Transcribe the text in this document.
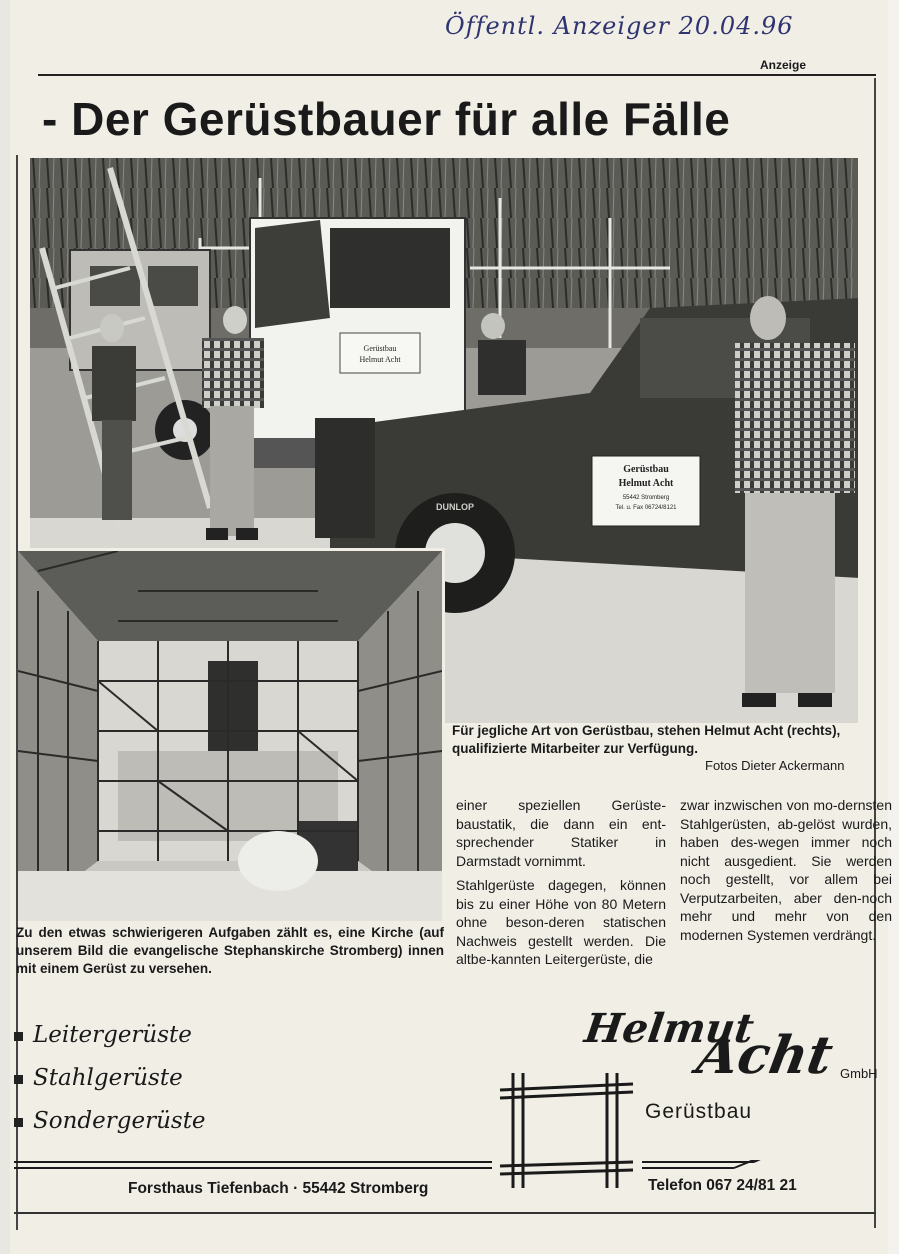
Öffentl. Anzeiger 20.04.96
Anzeige
- Der Gerüstbauer für alle Fälle
Gerüstbau
Helmut Acht
Gerüstbau
Helmut Acht
55442 Stromberg
Tel. u. Fax 06724/8121
DUNLOP
Für jegliche Art von Gerüstbau, stehen Helmut Acht (rechts), qualifizierte Mitarbeiter zur Verfügung.
Fotos Dieter Ackermann
Zu den etwas schwierigeren Aufgaben zählt es, eine Kirche (auf unserem Bild die evangelische Stephanskirche Stromberg) innen mit einem Gerüst zu versehen.

einer speziellen Gerüste-baustatik, die dann ein ent-sprechender Statiker in Darmstadt vornimmt.

Stahlgerüste dagegen, können bis zu einer Höhe von 80 Metern ohne beson-deren statischen Nachweis gestellt werden. Die altbe-kannten Leitergerüste, die

zwar inzwischen von mo-dernsten Stahlgerüsten, ab-gelöst wurden, haben des-wegen immer noch nicht ausgedient. Sie werden noch gestellt, vor allem bei Verputzarbeiten, aber den-noch mehr und mehr von den modernen Systemen verdrängt.

Leitergerüste
Stahlgerüste
Sondergerüste
Helmut
Acht GmbH
Gerüstbau
Forsthaus Tiefenbach · 55442 Stromberg	Telefon 067 24/81 21
